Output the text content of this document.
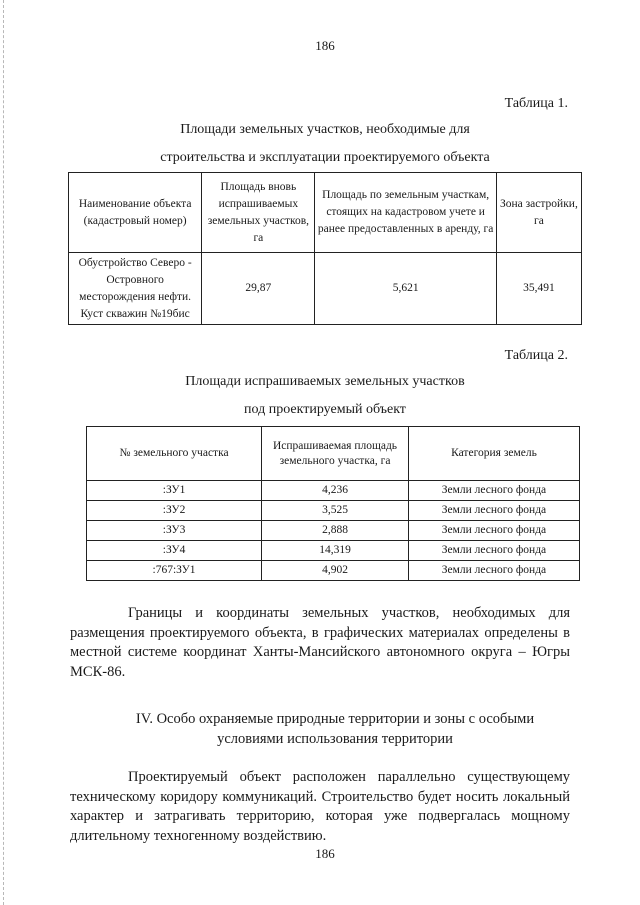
186
Таблица 1.
Площади земельных участков, необходимые для
строительства и эксплуатации проектируемого объекта
Наименование объекта (кадастровый номер)	Площадь вновь испрашиваемых земельных участков, га	Площадь по земельным участкам, стоящих на кадастровом учете и ранее предоставленных в аренду, га	Зона застройки, га
Обустройство Северо - Островного месторождения нефти. Куст скважин №19бис	29,87	5,621	35,491
Таблица 2.
Площади испрашиваемых земельных участков
под проектируемый объект
№ земельного участка	Испрашиваемая площадь земельного участка, га	Категория земель
:ЗУ1	4,236	Земли лесного фонда
:ЗУ2	3,525	Земли лесного фонда
:ЗУ3	2,888	Земли лесного фонда
:ЗУ4	14,319	Земли лесного фонда
:767:ЗУ1	4,902	Земли лесного фонда
Границы и координаты земельных участков, необходимых для размещения проектируемого объекта, в графических материалах определены в местной системе координат Ханты-Мансийского автономного округа – Югры МСК-86.
IV. Особо охраняемые природные территории и зоны с особыми
условиями использования территории
Проектируемый объект расположен параллельно существующему техническому коридору коммуникаций. Строительство будет носить локальный характер и затрагивать территорию, которая уже подвергалась мощному длительному техногенному воздействию.
186
